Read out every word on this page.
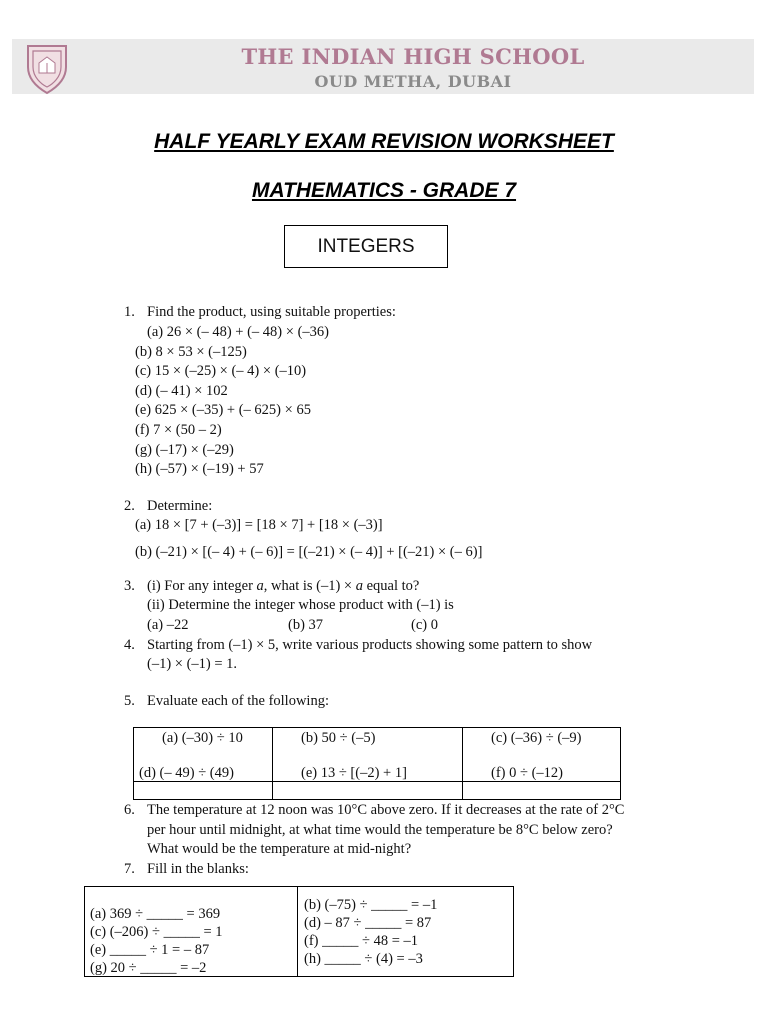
THE INDIAN HIGH SCHOOL
OUD METHA, DUBAI
HALF YEARLY EXAM REVISION WORKSHEET
MATHEMATICS - GRADE 7
INTEGERS
1. Find the product, using suitable properties:
(a) 26 × (– 48) + (– 48) × (–36)
(b) 8 × 53 × (–125)
(c) 15 × (–25) × (– 4) × (–10)
(d) (– 41) × 102
(e) 625 × (–35) + (– 625) × 65
(f) 7 × (50 – 2)
(g) (–17) × (–29)
(h) (–57) × (–19) + 57
2. Determine:
(a) 18 × [7 + (–3)] = [18 × 7] + [18 × (–3)]
(b) (–21) × [(– 4) + (– 6)] = [(–21) × (– 4)] + [(–21) × (– 6)]
3. (i) For any integer a, what is (–1) × a equal to?
(ii) Determine the integer whose product with (–1) is
(a) –22	(b) 37	(c) 0
4. Starting from (–1) × 5, write various products showing some pattern to show
(–1) × (–1) = 1.
5. Evaluate each of the following:
(a) (–30) ÷ 10	(b) 50 ÷ (–5)	(c) (–36) ÷ (–9)
(d) (– 49) ÷ (49)	(e) 13 ÷ [(–2) + 1]	(f) 0 ÷ (–12)
6. The temperature at 12 noon was 10°C above zero. If it decreases at the rate of 2°C
per hour until midnight, at what time would the temperature be 8°C below zero?
What would be the temperature at mid-night?
7. Fill in the blanks:
(a) 369 ÷ _____ = 369
(c) (–206) ÷ _____ = 1
(e) _____ ÷ 1 = – 87
(g) 20 ÷ _____ = –2
(b) (–75) ÷ _____ = –1
(d) – 87 ÷ _____ = 87
(f) _____ ÷ 48 = –1
(h) _____ ÷ (4) = –3
